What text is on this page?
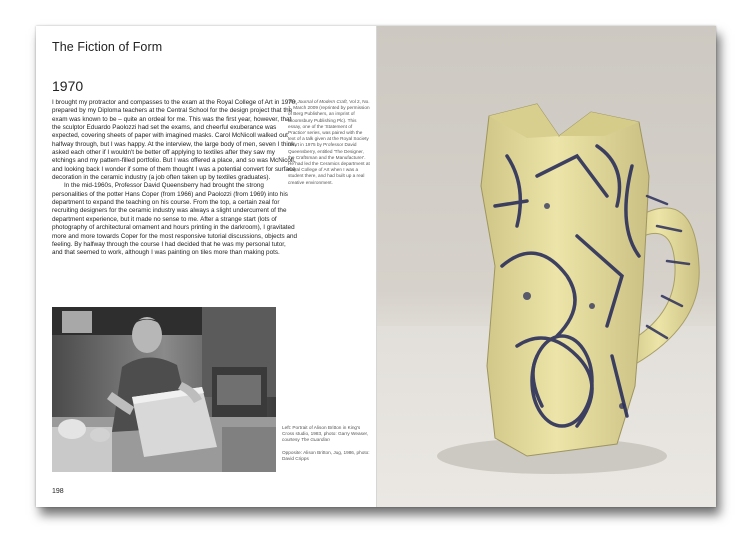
The Fiction of Form
1970

I brought my protractor and compasses to the exam at the Royal College of Art in 1970, prepared by my Diploma teachers at the Central School for the design project that the exam was known to be – quite an ordeal for me. This was the first year, however, that the sculptor Eduardo Paolozzi had set the exams, and cheerful exuberance was expected, covering sheets of paper with imagined masks. Carol McNicoll walked out halfway through, but I was happy. At the interview, the large body of men, seven I think, asked each other if I wouldn't be better off applying to textiles after they saw my etchings and my pattern-filled portfolio. But I was offered a place, and so was McNicoll, and looking back I wonder if some of them thought I was a potential convert for surface decoration in the ceramic industry (a job often taken up by textiles graduates).

In the mid-1960s, Professor David Queensberry had brought the strong personalities of the potter Hans Coper (from 1966) and Paolozzi (from 1969) into his department to expand the teaching on his course. From the top, a certain zeal for recruiting designers for the ceramic industry was always a slight undercurrent of the department experience, but it made no sense to me. After a strange start (lots of photography of architectural ornament and hours printing in the darkroom), I gravitated more and more towards Coper for the most responsive tutorial discussions, objects and feeling. By halfway through the course I had decided that he was my personal tutor, and that seemed to work, although I was painting on tiles more than making pots.

The Journal of Modern Craft, Vol 2, No. 1, March 2009 (reprinted by permission of Berg Publishers, an imprint of Bloomsbury Publishing Plc). This essay, one of the 'Statement of Practice' series, was paired with the text of a talk given at the Royal Society of Art in 1975 by Professor David Queensberry, entitled 'The Designer, the Craftsman and the Manufacturer'. He had led the Ceramics department at Royal College of Art when I was a student there, and had built up a real creative environment.

Left: Portrait of Alison Britton in King's Cross studio, 1983, photo: Garry Weaser, courtesy The Guardian

Opposite: Alison Britton, Jug, 1986, photo: David Cripps

198
